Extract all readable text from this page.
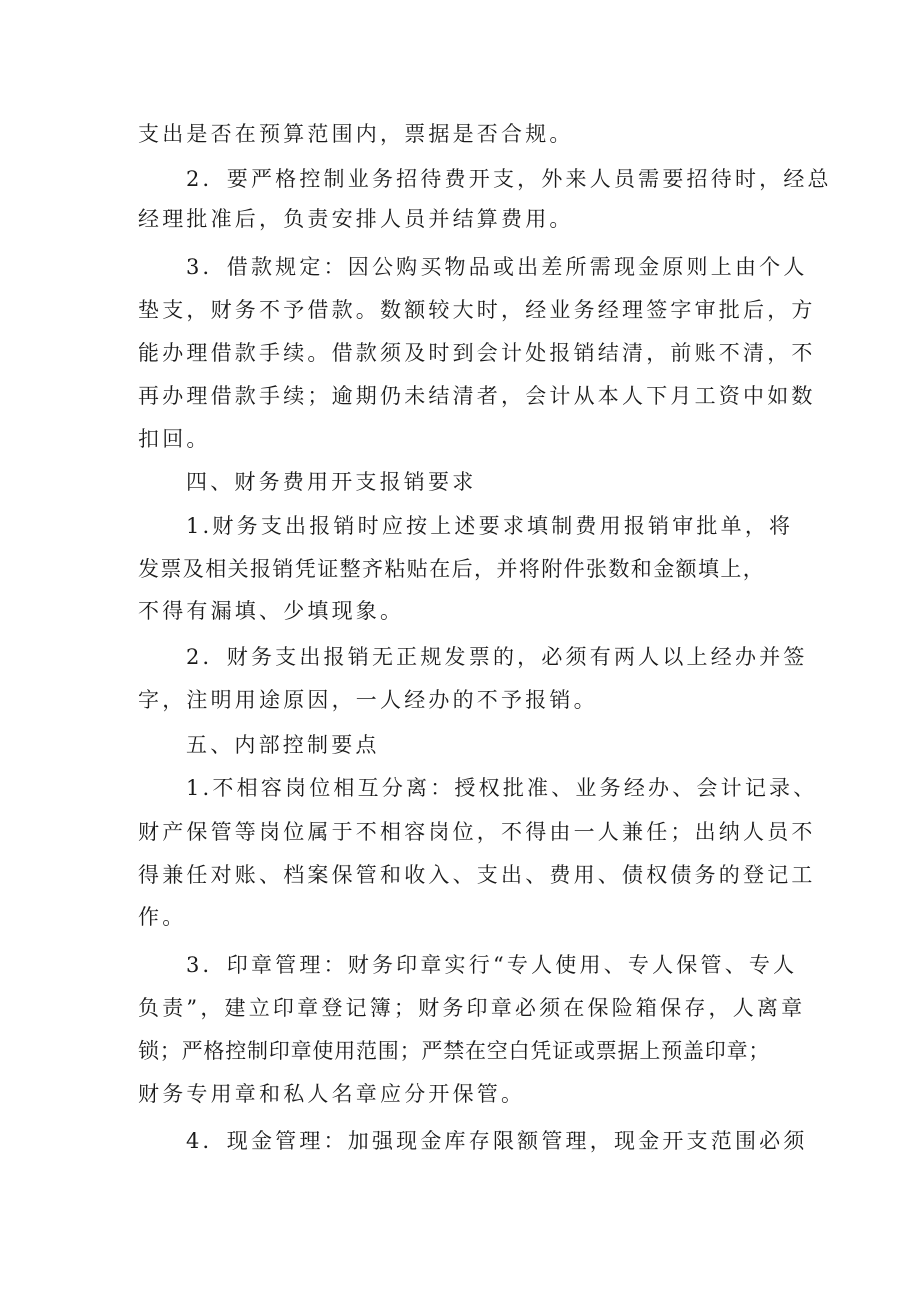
支出是否在预算范围内，票据是否合规。
2．要严格控制业务招待费开支，外来人员需要招待时，经总
经理批准后，负责安排人员并结算费用。
3．借款规定：因公购买物品或出差所需现金原则上由个人
垫支，财务不予借款。数额较大时，经业务经理签字审批后，方
能办理借款手续。借款须及时到会计处报销结清，前账不清，不
再办理借款手续；逾期仍未结清者，会计从本人下月工资中如数
扣回。
四、财务费用开支报销要求
1.财务支出报销时应按上述要求填制费用报销审批单，将
发票及相关报销凭证整齐粘贴在后，并将附件张数和金额填上，
不得有漏填、少填现象。
2．财务支出报销无正规发票的，必须有两人以上经办并签
字，注明用途原因，一人经办的不予报销。
五、内部控制要点
1.不相容岗位相互分离：授权批准、业务经办、会计记录、
财产保管等岗位属于不相容岗位，不得由一人兼任；出纳人员不
得兼任对账、档案保管和收入、支出、费用、债权债务的登记工
作。
3．印章管理：财务印章实行“专人使用、专人保管、专人
负责”，建立印章登记簿；财务印章必须在保险箱保存，人离章
锁；严格控制印章使用范围；严禁在空白凭证或票据上预盖印章；
财务专用章和私人名章应分开保管。
4．现金管理：加强现金库存限额管理，现金开支范围必须
